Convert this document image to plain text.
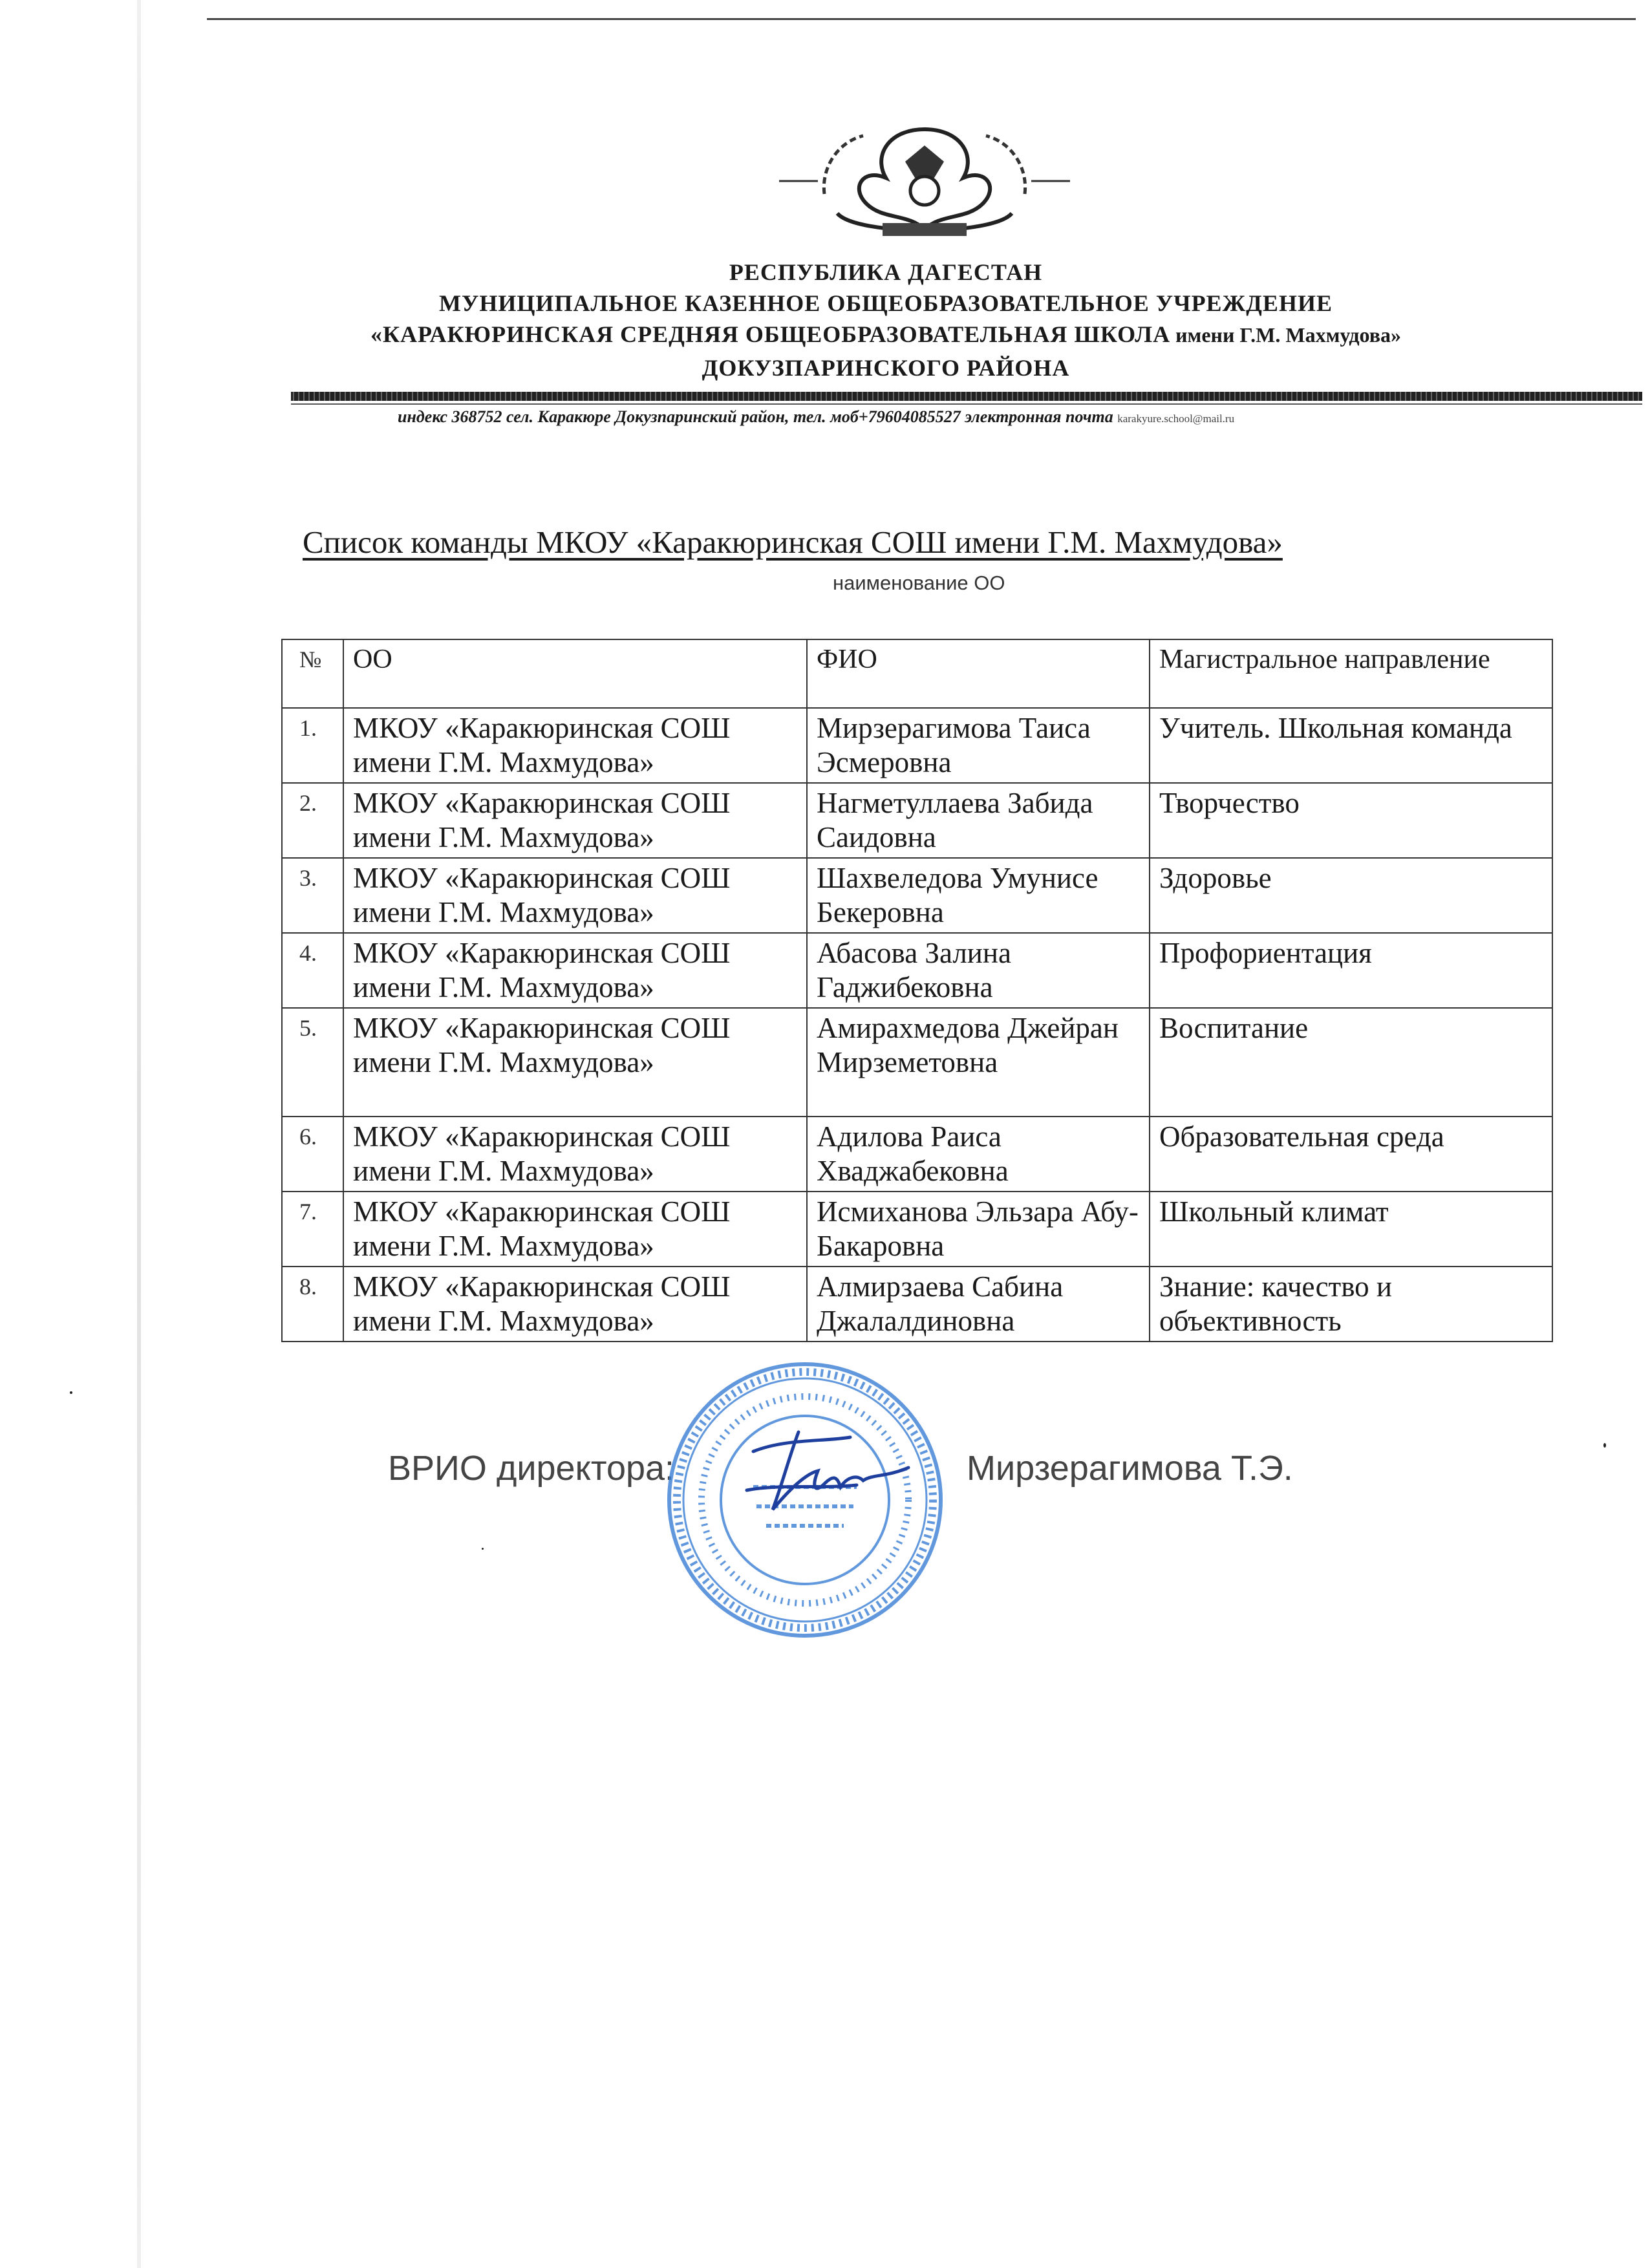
РЕСПУБЛИКА ДАГЕСТАН
МУНИЦИПАЛЬНОЕ КАЗЕННОЕ ОБЩЕОБРАЗОВАТЕЛЬНОЕ УЧРЕЖДЕНИЕ
«КАРАКЮРИНСКАЯ СРЕДНЯЯ ОБЩЕОБРАЗОВАТЕЛЬНАЯ ШКОЛА имени Г.М. Махмудова»
ДОКУЗПАРИНСКОГО РАЙОНА
индекс 368752 сел. Каракюре Докузпаринский район, тел. моб+79604085527 электронная почта karakyure.school@mail.ru
Список команды МКОУ «Каракюринская СОШ имени Г.М. Махмудова»
наименование ОО
№	ОО	ФИО	Магистральное направление
1.	МКОУ «Каракюринская СОШ имени Г.М. Махмудова»	Мирзерагимова Таиса Эсмеровна	Учитель. Школьная команда
2.	МКОУ «Каракюринская СОШ имени Г.М. Махмудова»	Нагметуллаева Забида Саидовна	Творчество
3.	МКОУ «Каракюринская СОШ имени Г.М. Махмудова»	Шахвеледова Умунисе Бекеровна	Здоровье
4.	МКОУ «Каракюринская СОШ имени Г.М. Махмудова»	Абасова Залина Гаджибековна	Профориентация
5.	МКОУ «Каракюринская СОШ имени Г.М. Махмудова»	Амирахмедова Джейран Мирземетовна	Воспитание
6.	МКОУ «Каракюринская СОШ имени Г.М. Махмудова»	Адилова Раиса Хваджабековна	Образовательная среда
7.	МКОУ «Каракюринская СОШ имени Г.М. Махмудова»	Исмиханова Эльзара Абу-Бакаровна	Школьный климат
8.	МКОУ «Каракюринская СОШ имени Г.М. Махмудова»	Алмирзаева Сабина Джалалдиновна	Знание: качество и объективность
ВРИО директора:	Мирзерагимова Т.Э.
